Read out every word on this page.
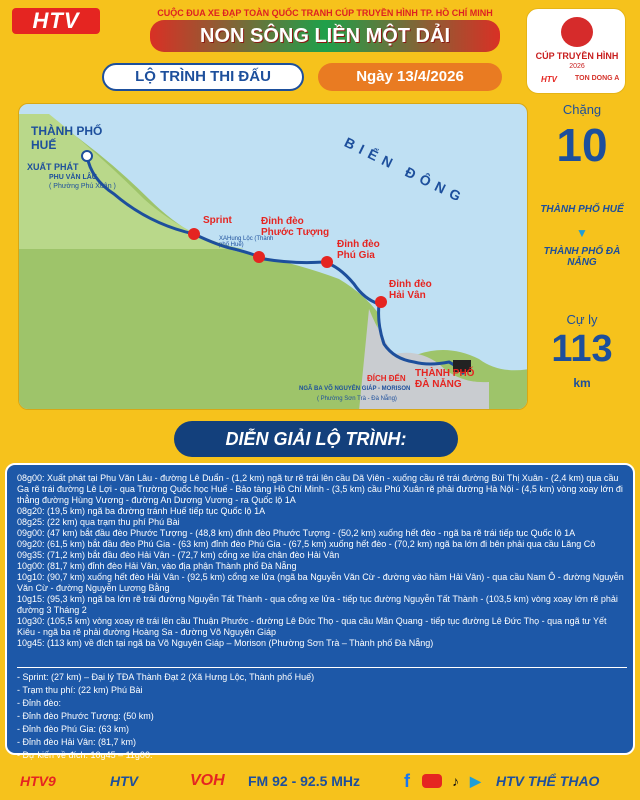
HTV	CUỘC ĐUA XE ĐẠP TOÀN QUỐC TRANH CÚP TRUYỀN HÌNH TP. HỒ CHÍ MINH
NON SÔNG LIỀN MỘT DẢI
CÚP TRUYỀN HÌNH
2026
HTV	TON DONG A
LỘ TRÌNH THI ĐẤU	Ngày 13/4/2026
THÀNH PHỐ HUẾ
XUẤT PHÁT
PHU VĂN LÂU
( Phường Phú Xuân )	BIỂN ĐÔNG
Sprint
XAHung Lộc (Thành phố Huế)
Đỉnh đèo Phước Tượng
Đỉnh đèo Phú Gia
Đỉnh đèo Hải Vân
ĐÍCH ĐẾN THÀNH PHỐ ĐÀ NẴNG
NGÃ BA VÕ NGUYÊN GIÁP - MORISON
( Phường Sơn Trà - Đà Nẵng)
Chặng
10
THÀNH PHỐ HUẾ
▼
THÀNH PHỐ ĐÀ NẴNG
Cự ly
113
km
DIỄN GIẢI LỘ TRÌNH:
08g00: Xuất phát tại Phu Văn Lâu - đường Lê Duẩn - (1,2 km) ngã tư rẽ trái lên cầu Dã Viên - xuống cầu rẽ trái đường Bùi Thị Xuân - (2,4 km) qua cầu Ga rẽ trái đường Lê Lợi - qua Trường Quốc học Huế - Bảo tàng Hồ Chí Minh - (3,5 km) cầu Phú Xuân rẽ phải đường Hà Nội - (4,5 km) vòng xoay lớn đi thẳng đường Hùng Vương - đường An Dương Vương - ra Quốc lộ 1A
08g20: (19,5 km) ngã ba đường tránh Huế tiếp tục Quốc lộ 1A
08g25: (22 km) qua trạm thu phí Phú Bài
09g00: (47 km) bắt đầu đèo Phước Tượng - (48,8 km) đỉnh đèo Phước Tượng - (50,2 km) xuống hết đèo - ngã ba rẽ trái tiếp tục Quốc lộ 1A
09g20: (61,5 km) bắt đầu đèo Phú Gia - (63 km) đỉnh đèo Phú Gia - (67,5 km) xuống hết đèo - (70,2 km) ngã ba lớn đi bên phải qua cầu Lăng Cô
09g35: (71,2 km) bắt đầu đèo Hải Vân - (72,7 km) cổng xe lửa chân đèo Hải Vân
10g00: (81,7 km) đỉnh đèo Hải Vân, vào địa phận Thành phố Đà Nẵng
10g10: (90,7 km) xuống hết đèo Hải Vân - (92,5 km) cổng xe lửa (ngã ba Nguyễn Văn Cừ - đường vào hầm Hải Vân) - qua cầu Nam Ô - đường Nguyễn Văn Cừ - đường Nguyễn Lương Bằng
10g15: (95,3 km) ngã ba lớn rẽ trái đường Nguyễn Tất Thành - qua cổng xe lửa - tiếp tục đường Nguyễn Tất Thành - (103,5 km) vòng xoay lớn rẽ phải đường 3 Tháng 2
10g30: (105,5 km) vòng xoay rẽ trái lên cầu Thuận Phước - đường Lê Đức Thọ - qua cầu Mân Quang - tiếp tục đường Lê Đức Thọ - qua ngã tư Yết Kiêu - ngã ba rẽ phải đường Hoàng Sa - đường Võ Nguyên Giáp
10g45: (113 km) về đích tại ngã ba Võ Nguyên Giáp – Morison (Phường Sơn Trà – Thành phố Đà Nẵng)
- Sprint: (27 km) – Đại lý TĐA Thành Đạt 2 (Xã Hưng Lộc, Thành phố Huế)
- Trạm thu phí: (22 km) Phú Bài
- Đỉnh đèo:
- Đỉnh đèo Phước Tượng: (50 km)
- Đỉnh đèo Phú Gia: (63 km)
- Đỉnh đèo Hải Vân: (81,7 km)
- Dự kiến về đích: 10g45 – 11g00.
HTV9	HTV	VOH FM 92 - 92.5 MHz f	♪ ▶ HTV THỂ THAO
